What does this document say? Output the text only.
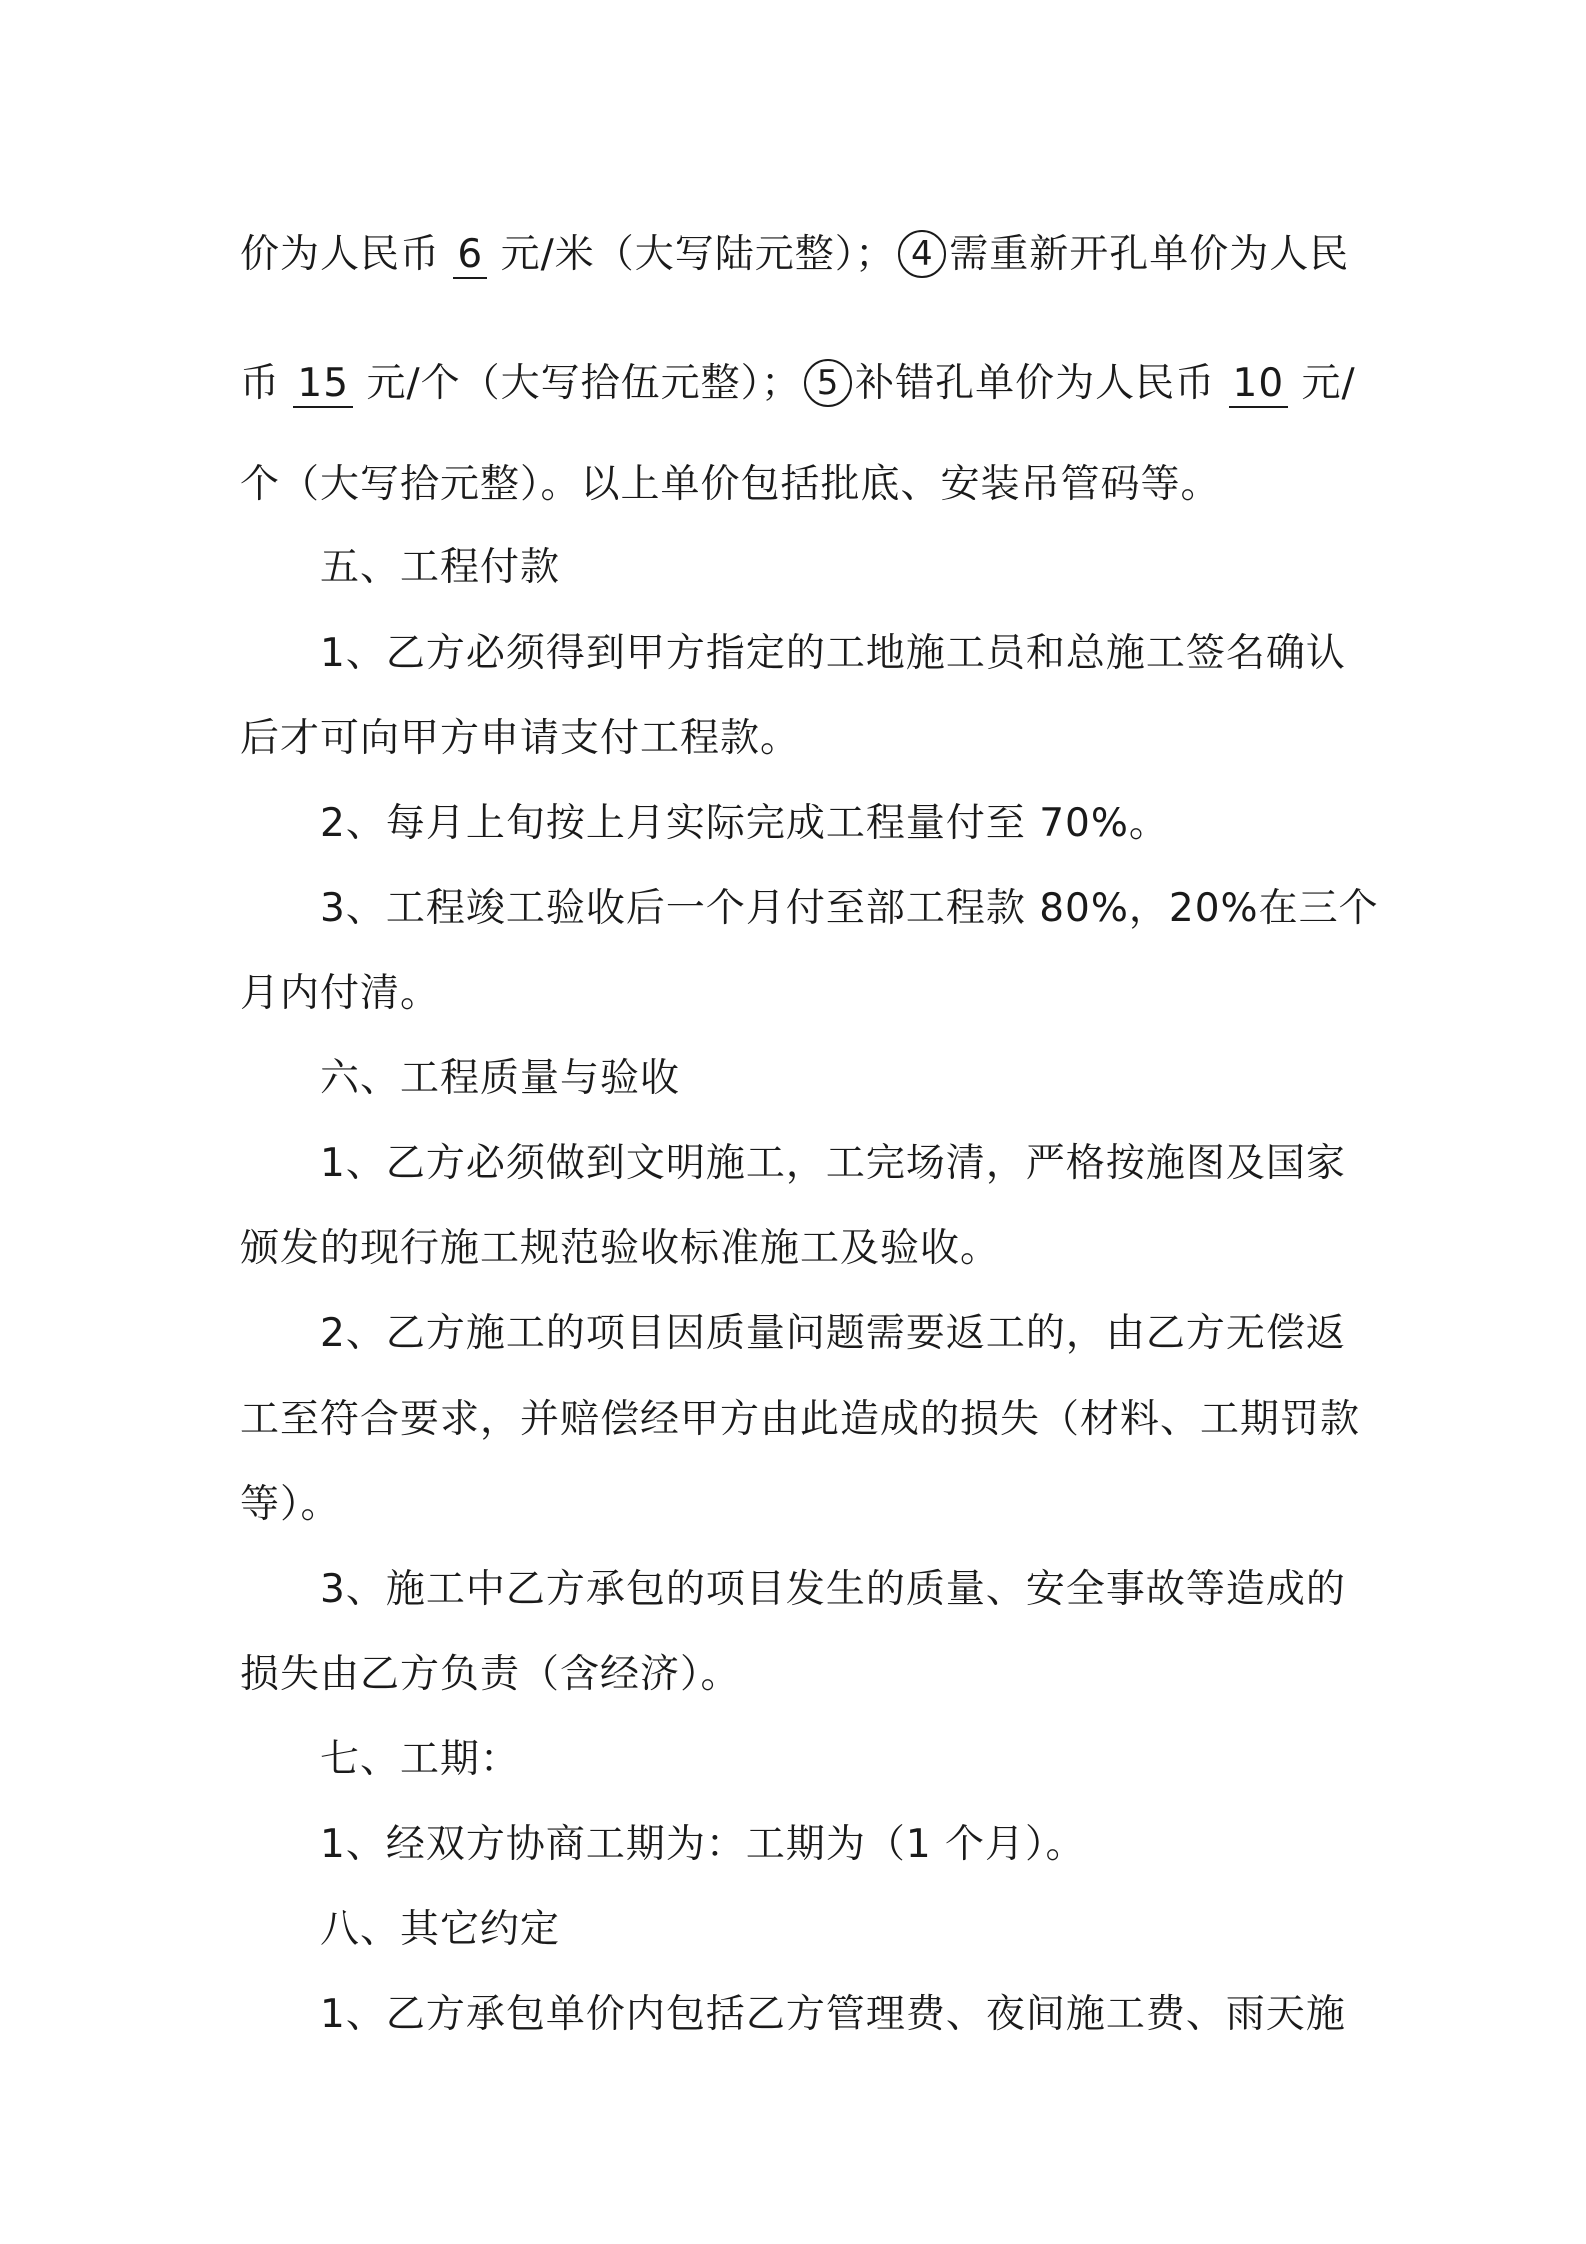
价为人民币 6 元/米（大写陆元整）； 4 需重新开孔单价为人民
币 15 元/个（大写拾伍元整）； 5 补错孔单价为人民币 10 元/
个（大写拾元整）。以上单价包括批底、安装吊管码等。
五、工程付款
1、乙方必须得到甲方指定的工地施工员和总施工签名确认
后才可向甲方申请支付工程款。
2、每月上旬按上月实际完成工程量付至 70%。
3、工程竣工验收后一个月付至部工程款 80%，20%在三个
月内付清。
六、工程质量与验收
1、乙方必须做到文明施工，工完场清，严格按施图及国家
颁发的现行施工规范验收标准施工及验收。
2、乙方施工的项目因质量问题需要返工的，由乙方无偿返
工至符合要求，并赔偿经甲方由此造成的损失（材料、工期罚款
等）。
3、施工中乙方承包的项目发生的质量、安全事故等造成的
损失由乙方负责（含经济）。
七、工期：
1、经双方协商工期为：工期为（1 个月）。
八、其它约定
1、乙方承包单价内包括乙方管理费、夜间施工费、雨天施
